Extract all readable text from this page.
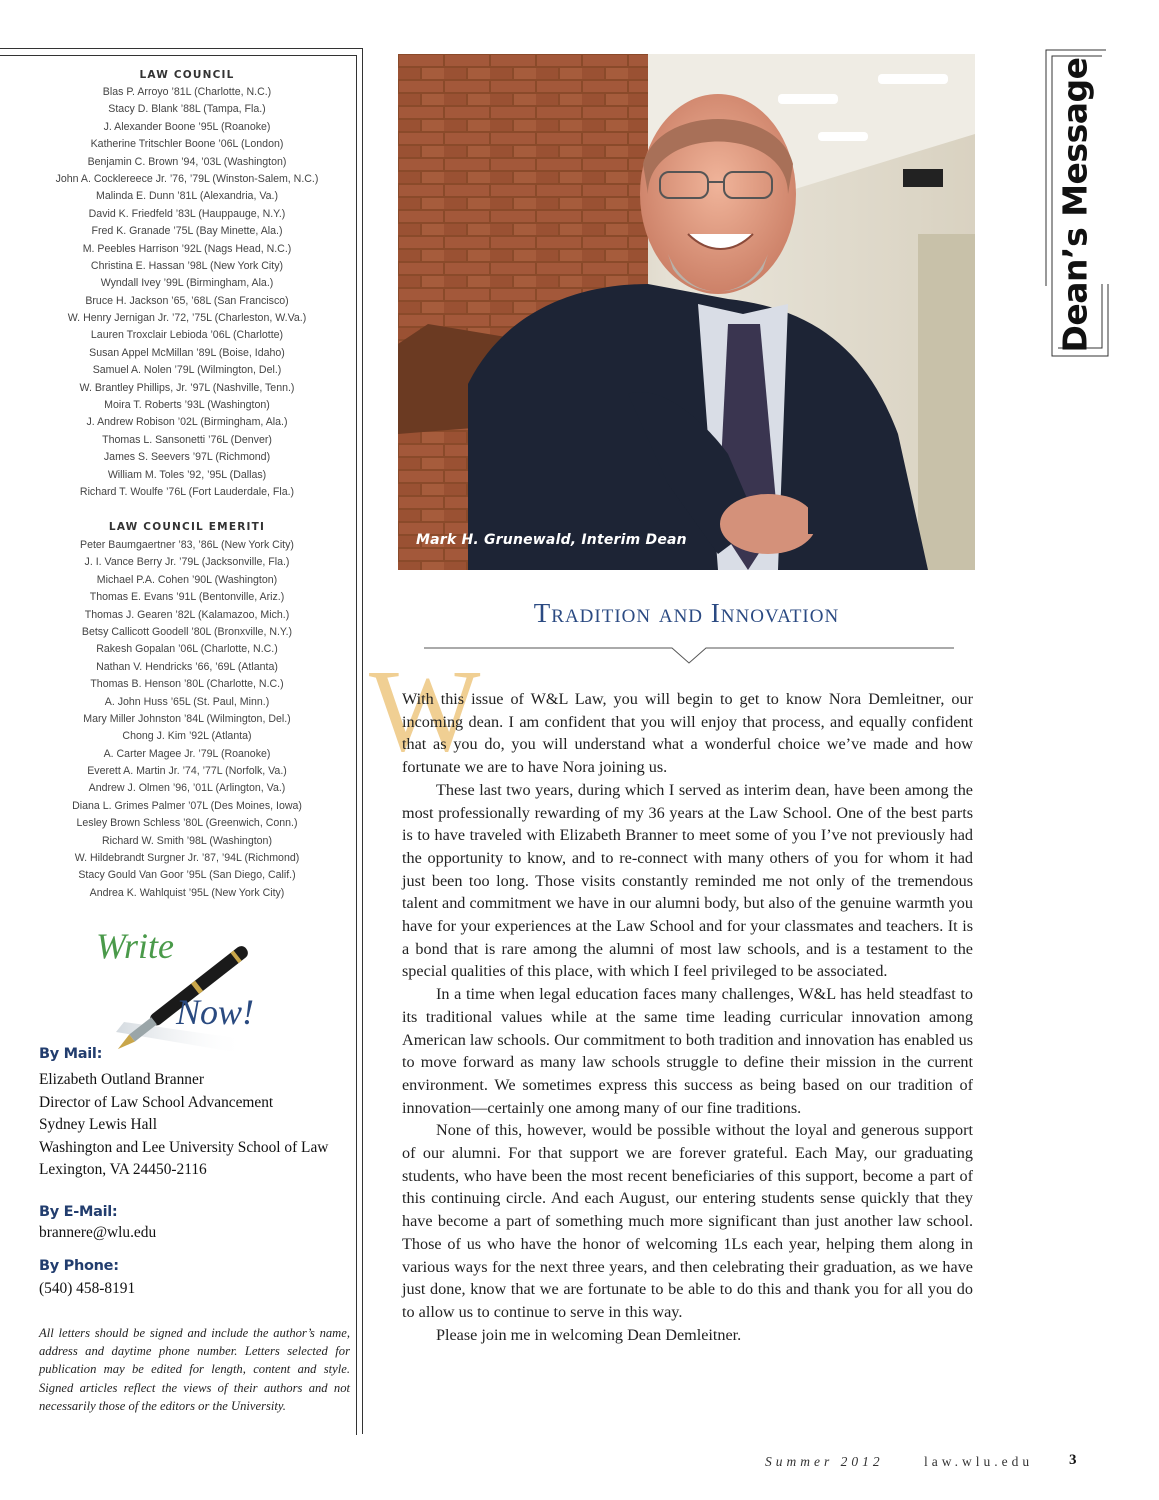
LAW COUNCIL
Blas P. Arroyo ’81L (Charlotte, N.C.)
Stacy D. Blank ’88L (Tampa, Fla.)
J. Alexander Boone ’95L (Roanoke)
Katherine Tritschler Boone ’06L (London)
Benjamin C. Brown ’94, ’03L (Washington)
John A. Cocklereece Jr. ’76, ’79L (Winston-Salem, N.C.)
Malinda E. Dunn ’81L (Alexandria, Va.)
David K. Friedfeld ’83L (Hauppauge, N.Y.)
Fred K. Granade ’75L (Bay Minette, Ala.)
M. Peebles Harrison ’92L (Nags Head, N.C.)
Christina E. Hassan ’98L (New York City)
Wyndall Ivey ’99L (Birmingham, Ala.)
Bruce H. Jackson ’65, ’68L (San Francisco)
W. Henry Jernigan Jr. ’72, ’75L (Charleston, W.Va.)
Lauren Troxclair Lebioda ’06L (Charlotte)
Susan Appel McMillan ’89L (Boise, Idaho)
Samuel A. Nolen ’79L (Wilmington, Del.)
W. Brantley Phillips, Jr. ’97L (Nashville, Tenn.)
Moira T. Roberts ’93L (Washington)
J. Andrew Robison ’02L (Birmingham, Ala.)
Thomas L. Sansonetti ’76L (Denver)
James S. Seevers ’97L (Richmond)
William M. Toles ’92, ’95L (Dallas)
Richard T. Woulfe ’76L (Fort Lauderdale, Fla.)
LAW COUNCIL EMERITI
Peter Baumgaertner ’83, ’86L (New York City)
J. I. Vance Berry Jr. ’79L (Jacksonville, Fla.)
Michael P.A. Cohen ’90L (Washington)
Thomas E. Evans ’91L (Bentonville, Ariz.)
Thomas J. Gearen ’82L (Kalamazoo, Mich.)
Betsy Callicott Goodell ’80L (Bronxville, N.Y.)
Rakesh Gopalan ’06L (Charlotte, N.C.)
Nathan V. Hendricks ’66, ’69L (Atlanta)
Thomas B. Henson ’80L (Charlotte, N.C.)
A. John Huss ’65L (St. Paul, Minn.)
Mary Miller Johnston ’84L (Wilmington, Del.)
Chong J. Kim ’92L (Atlanta)
A. Carter Magee Jr. ’79L (Roanoke)
Everett A. Martin Jr. ’74, ’77L (Norfolk, Va.)
Andrew J. Olmen ’96, ’01L (Arlington, Va.)
Diana L. Grimes Palmer ’07L (Des Moines, Iowa)
Lesley Brown Schless ’80L (Greenwich, Conn.)
Richard W. Smith ’98L (Washington)
W. Hildebrandt Surgner Jr. ’87, ’94L (Richmond)
Stacy Gould Van Goor ’95L (San Diego, Calif.)
Andrea K. Wahlquist ’95L (New York City)
Write
Now!
By Mail:
Elizabeth Outland Branner
Director of Law School Advancement
Sydney Lewis Hall
Washington and Lee University School of Law
Lexington, VA 24450-2116
By E-Mail:
brannere@wlu.edu
By Phone:
(540) 458-8191
All letters should be signed and include the author’s name, address and daytime phone number. Letters selected for publication may be edited for length, content and style. Signed articles reflect the views of their authors and not necessarily those of the editors or the University.
Mark H. Grunewald, Interim Dean
Dean’s Message
Tradition and Innovation
W

With this issue of W&L Law, you will begin to get to know Nora Demleitner, our incoming dean. I am confident that you will enjoy that process, and equally confident that as you do, you will understand what a wonderful choice we’ve made and how fortunate we are to have Nora joining us.

These last two years, during which I served as interim dean, have been among the most professionally rewarding of my 36 years at the Law School. One of the best parts is to have traveled with Elizabeth Branner to meet some of you I’ve not previously had the opportunity to know, and to re-connect with many others of you for whom it had just been too long. Those visits constantly reminded me not only of the tremendous talent and commitment we have in our alumni body, but also of the genuine warmth you have for your experiences at the Law School and for your classmates and teachers. It is a bond that is rare among the alumni of most law schools, and is a testament to the special qualities of this place, with which I feel privileged to be associated.

In a time when legal education faces many challenges, W&L has held steadfast to its traditional values while at the same time leading curricular innovation among American law schools. Our commitment to both tradition and innovation has enabled us to move forward as many law schools struggle to define their mission in the current environment. We sometimes express this success as being based on our tradition of innovation—certainly one among many of our fine traditions.

None of this, however, would be possible without the loyal and generous support of our alumni. For that support we are forever grateful. Each May, our graduating students, who have been the most recent beneficiaries of this support, become a part of this continuing circle. And each August, our entering students sense quickly that they have become a part of something much more significant than just another law school. Those of us who have the honor of welcoming 1Ls each year, helping them along in various ways for the next three years, and then celebrating their graduation, as we have just done, know that we are fortunate to be able to do this and thank you for all you do to allow us to continue to serve in this way.

Please join me in welcoming Dean Demleitner.

Summer 2012	law.wlu.edu 3
